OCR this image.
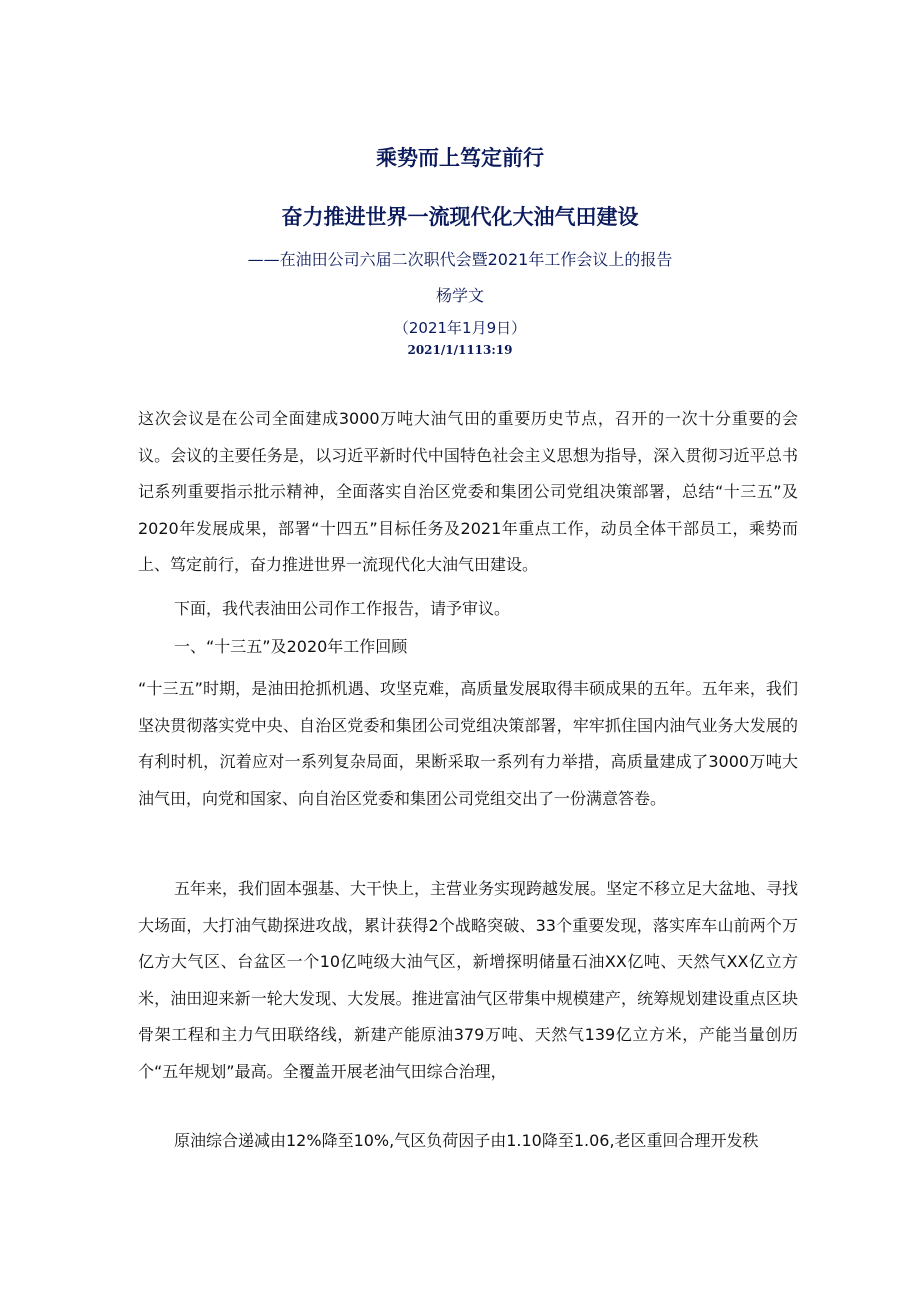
乘势而上笃定前行
奋力推进世界一流现代化大油气田建设
——在油田公司六届二次职代会暨2021年工作会议上的报告
杨学文
（2021年1月9日）
2021/1/1113:19

这次会议是在公司全面建成3000万吨大油气田的重要历史节点，召开的一次十分重要的会议。会议的主要任务是，以习近平新时代中国特色社会主义思想为指导，深入贯彻习近平总书记系列重要指示批示精神，全面落实自治区党委和集团公司党组决策部署，总结“十三五”及2020年发展成果，部署“十四五”目标任务及2021年重点工作，动员全体干部员工，乘势而上、笃定前行，奋力推进世界一流现代化大油气田建设。

下面，我代表油田公司作工作报告，请予审议。

一、“十三五”及2020年工作回顾

“十三五”时期，是油田抢抓机遇、攻坚克难，高质量发展取得丰硕成果的五年。五年来，我们坚决贯彻落实党中央、自治区党委和集团公司党组决策部署，牢牢抓住国内油气业务大发展的有利时机，沉着应对一系列复杂局面，果断采取一系列有力举措，高质量建成了3000万吨大油气田，向党和国家、向自治区党委和集团公司党组交出了一份满意答卷。

五年来，我们固本强基、大干快上，主营业务实现跨越发展。坚定不移立足大盆地、寻找大场面，大打油气勘探进攻战，累计获得2个战略突破、33个重要发现，落实库车山前两个万亿方大气区、台盆区一个10亿吨级大油气区，新增探明储量石油XX亿吨、天然气XX亿立方米，油田迎来新一轮大发现、大发展。推进富油气区带集中规模建产，统筹规划建设重点区块骨架工程和主力气田联络线，新建产能原油379万吨、天然气139亿立方米，产能当量创历个“五年规划”最高。全覆盖开展老油气田综合治理，

原油综合递减由12%降至10%,气区负荷因子由1.10降至1.06,老区重回合理开发秩
